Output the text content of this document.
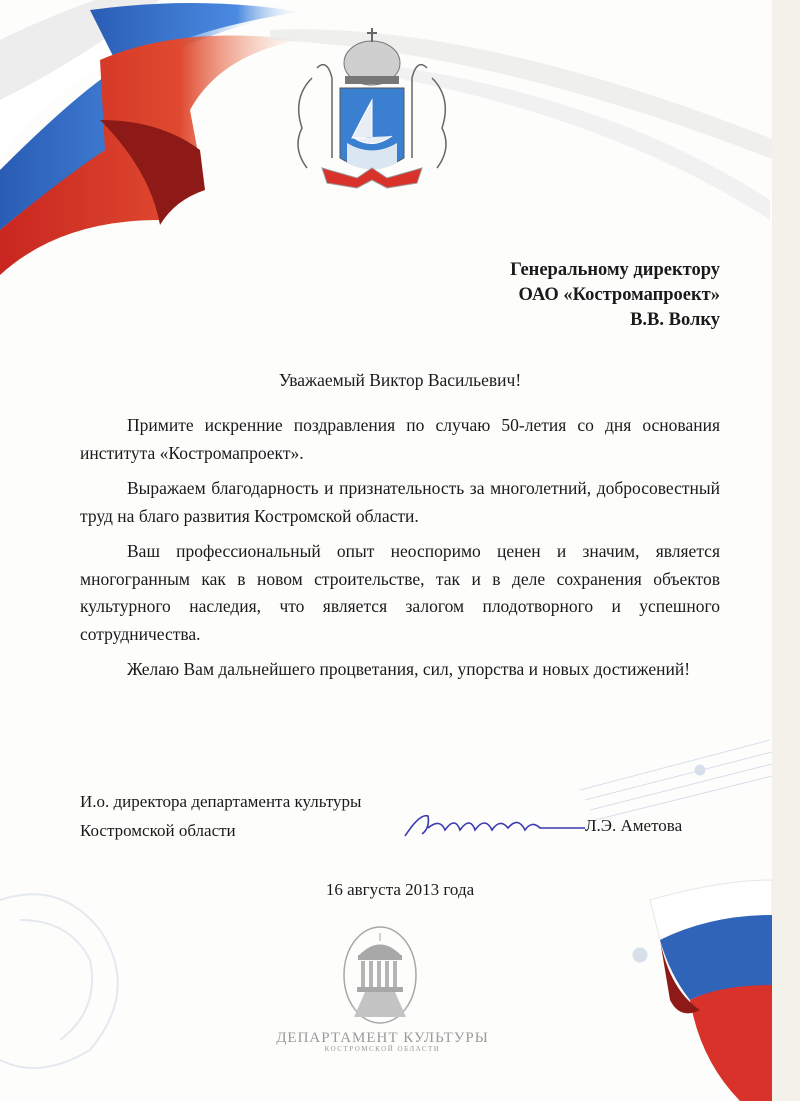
Генеральному директору
ОАО «Костромапроект»
В.В. Волку
Уважаемый Виктор Васильевич!

Примите искренние поздравления по случаю 50-летия со дня основания института «Костромапроект».

Выражаем благодарность и признательность за многолетний, добросовестный труд на благо развития Костромской области.

Ваш профессиональный опыт неоспоримо ценен и значим, является многогранным как в новом строительстве, так и в деле сохранения объектов культурного наследия, что является залогом плодотворного и успешного сотрудничества.

Желаю Вам дальнейшего процветания, сил, упорства и новых достижений!

И.о. директора департамента культуры
Костромской области	Л.Э. Аметова
16 августа 2013 года
ДЕПАРТАМЕНТ КУЛЬТУРЫ
КОСТРОМСКОЙ ОБЛАСТИ
